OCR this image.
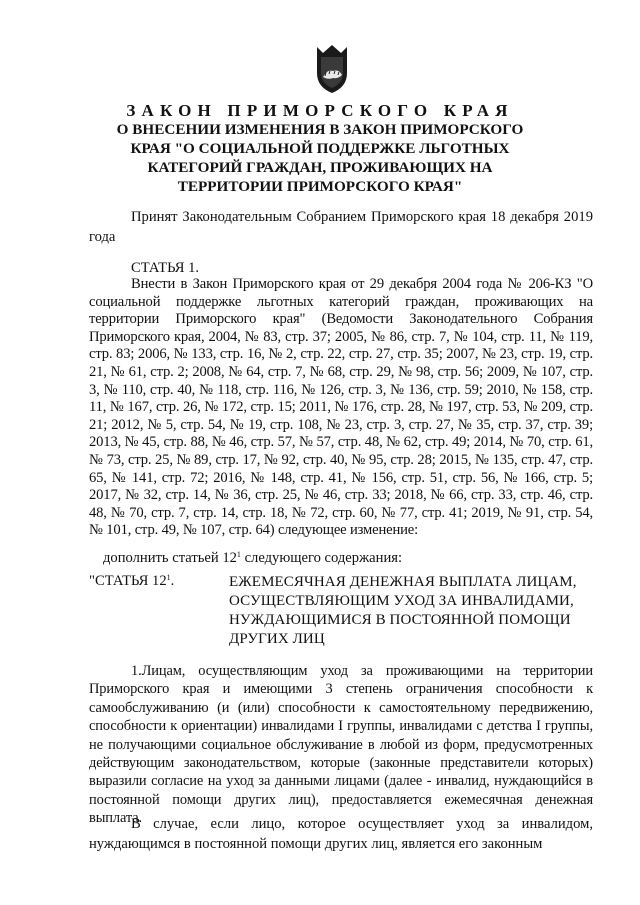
ЗАКОН ПРИМОРСКОГО КРАЯ
О ВНЕСЕНИИ ИЗМЕНЕНИЯ В ЗАКОН ПРИМОРСКОГО КРАЯ "О СОЦИАЛЬНОЙ ПОДДЕРЖКЕ ЛЬГОТНЫХ КАТЕГОРИЙ ГРАЖДАН, ПРОЖИВАЮЩИХ НА ТЕРРИТОРИИ ПРИМОРСКОГО КРАЯ"
Принят Законодательным Собранием Приморского края 18 декабря 2019 года
СТАТЬЯ 1.
Внести в Закон Приморского края от 29 декабря 2004 года № 206-КЗ "О социальной поддержке льготных категорий граждан, проживающих на территории Приморского края" (Ведомости Законодательного Собрания Приморского края, 2004, № 83, стр. 37; 2005, № 86, стр. 7, № 104, стр. 11, № 119, стр. 83; 2006, № 133, стр. 16, № 2, стр. 22, стр. 27, стр. 35; 2007, № 23, стр. 19, стр. 21, № 61, стр. 2; 2008, № 64, стр. 7, № 68, стр. 29, № 98, стр. 56; 2009, № 107, стр. 3, № 110, стр. 40, № 118, стр. 116, № 126, стр. 3, № 136, стр. 59; 2010, № 158, стр. 11, № 167, стр. 26, № 172, стр. 15; 2011, № 176, стр. 28, № 197, стр. 53, № 209, стр. 21; 2012, № 5, стр. 54, № 19, стр. 108, № 23, стр. 3, стр. 27, № 35, стр. 37, стр. 39; 2013, № 45, стр. 88, № 46, стр. 57, № 57, стр. 48, № 62, стр. 49; 2014, № 70, стр. 61, № 73, стр. 25, № 89, стр. 17, № 92, стр. 40, № 95, стр. 28; 2015, № 135, стр. 47, стр. 65, № 141, стр. 72; 2016, № 148, стр. 41, № 156, стр. 51, стр. 56, № 166, стр. 5; 2017, № 32, стр. 14, № 36, стр. 25, № 46, стр. 33; 2018, № 66, стр. 33, стр. 46, стр. 48, № 70, стр. 7, стр. 14, стр. 18, № 72, стр. 60, № 77, стр. 41; 2019, № 91, стр. 54, № 101, стр. 49, № 107, стр. 64) следующее изменение:
дополнить статьей $12^1$ следующего содержания:
"СТАТЬЯ $12^1$.	ЕЖЕМЕСЯЧНАЯ ДЕНЕЖНАЯ ВЫПЛАТА ЛИЦАМ, ОСУЩЕСТВЛЯЮЩИМ УХОД ЗА ИНВАЛИДАМИ, НУЖДАЮЩИМИСЯ В ПОСТОЯННОЙ ПОМОЩИ ДРУГИХ ЛИЦ
1.Лицам, осуществляющим уход за проживающими на территории Приморского края и имеющими 3 степень ограничения способности к самообслуживанию (и (или) способности к самостоятельному передвижению, способности к ориентации) инвалидами I группы, инвалидами с детства I группы, не получающими социальное обслуживание в любой из форм, предусмотренных действующим законодательством, которые (законные представители которых) выразили согласие на уход за данными лицами (далее - инвалид, нуждающийся в постоянной помощи других лиц), предоставляется ежемесячная денежная выплата.
В случае, если лицо, которое осуществляет уход за инвалидом, нуждающимся в постоянной помощи других лиц, является его законным
